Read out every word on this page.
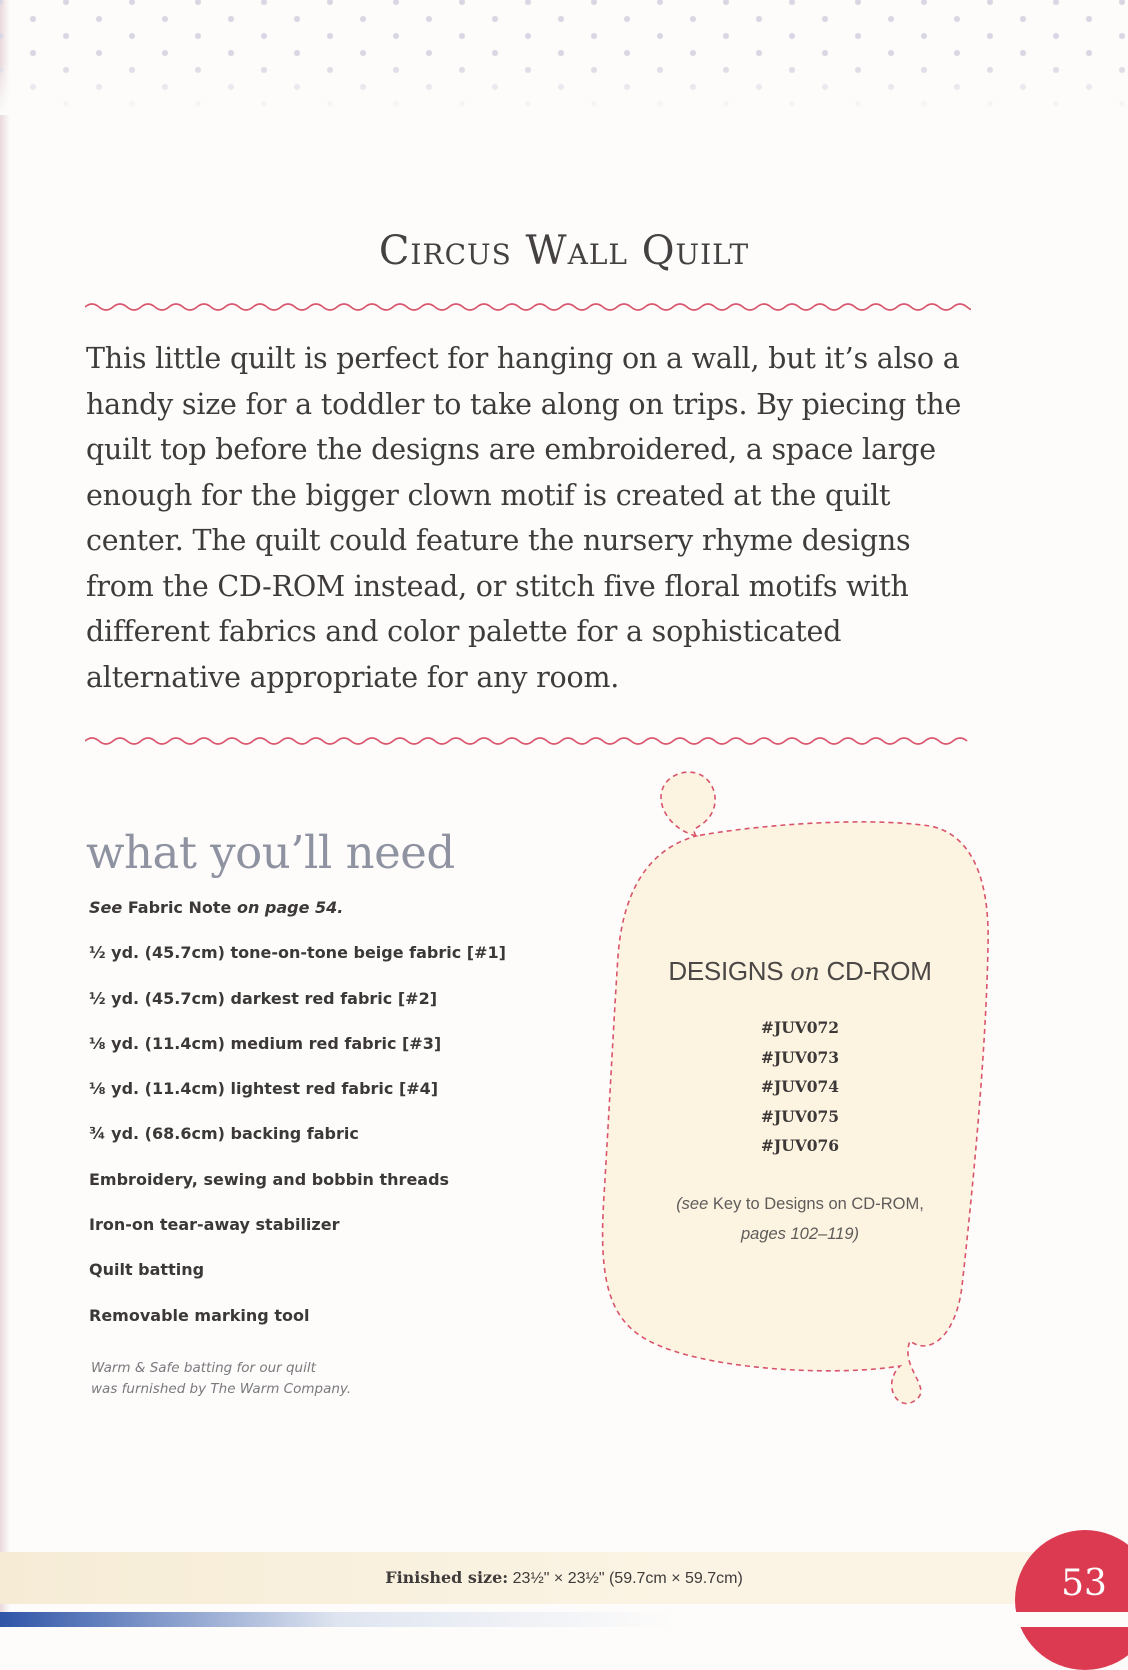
Circus Wall Quilt

This little quilt is perfect for hanging on a wall, but it’s also a handy size for a toddler to take along on trips. By piecing the quilt top before the designs are embroidered, a space large enough for the bigger clown motif is created at the quilt center. The quilt could feature the nursery rhyme designs from the CD-ROM instead, or stitch five floral motifs with different fabrics and color palette for a sophisticated alternative appropriate for any room.

what you’ll need
See Fabric Note on page 54.
½ yd. (45.7cm) tone-on-tone beige fabric [#1]
½ yd. (45.7cm) darkest red fabric [#2]
⅛ yd. (11.4cm) medium red fabric [#3]
⅛ yd. (11.4cm) lightest red fabric [#4]
¾ yd. (68.6cm) backing fabric
Embroidery, sewing and bobbin threads
Iron-on tear-away stabilizer
Quilt batting
Removable marking tool
Warm & Safe batting for our quilt
was furnished by The Warm Company.
DESIGNS on CD-ROM
#JUV072
#JUV073
#JUV074
#JUV075
#JUV076
(see Key to Designs on CD-ROM,
pages 102–119)
Finished size: 23½" × 23½" (59.7cm × 59.7cm)	53
